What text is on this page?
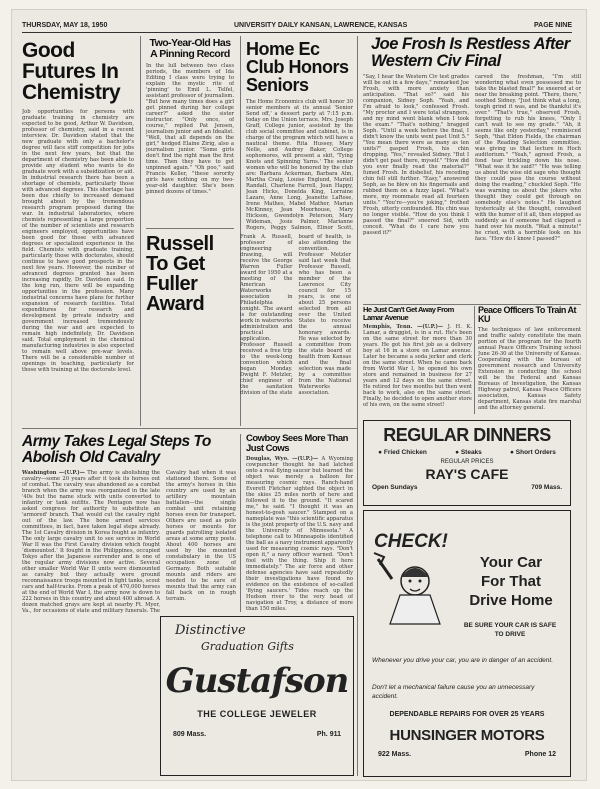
THURSDAY, MAY 18, 1950	UNIVERSITY DAILY KANSAN, LAWRENCE, KANSAS	PAGE NINE
Good Futures In Chemistry
Job opportunities for persons with graduate training in chemistry are expected to be good, Arthur W. Davidson, professor of chemistry, said in a recent interview. Dr. Davidson stated that the new graduate with only a bachelor's degree will face stiff competition for jobs in the next few years, but that the department of chemistry has been able to provide any student who wants to do graduate work with a subsidization or aid. In industrial research there has been a shortage of chemists, particularly those with advanced degrees. This shortage has been due chiefly to increased demand brought about by the tremendous research program proposed during the war. In industrial laboratories, where chemists representing a large proportion of the number of scientists and research engineers employed, opportunities have been good for those with advanced degrees or specialized experience in the field. Chemists with graduate training, particularly those with doctorates, should continue to have good prospects in the next few years. However, the number of advanced degrees granted has been increasing rapidly, Dr. Davidson said. In the long run, there will be expanding opportunities in the profession. Many industrial concerns have plans for further expansion of research facilities. Total expenditures for research and development by private industry and government increased tremendously during the war and are expected to remain high indefinitely, Dr. Davidson said. Total employment in the chemical manufacturing industries is also expected to remain well above pre-war levels. There will be a considerable number of openings in teaching, particularly for those with training at the doctorate level.
Two-Year-Old Has A Pinning Record
In the lull between two class periods, the members of Ida Editing I class were trying to explain the mystic rite of 'pinning' to Emil L. Telfel, assistant professor of journalism. "But how many times does a girl get pinned during her college career?" asked the sister instructor. "Only once, of course," replied Pat Jensen, journalism junior and an Idealist. "Well, that all depends on the girl," hedged Elaine Zirig, also a journalism junior. "Some girls don't find the right man the first time. Then they have to get unpinned again." "Oh poo," said Francis Keller, "these sorority girls have nothing on my two-year-old daughter. She's been pinned dozens of times."
Russell To Get Fuller Award
Frank A. Russell, professor of engineering drawing, will receive the George Warren Fuller award for 1950 at a meeting of the American Waterworks association in Philadelphia tonight. The award is for outstanding work in waterworks administration and practical application. Professor Russell received a free trip to the week-long convention which began Monday. Dwight F. Metzler, chief engineer of the sanitation division of the state board of health, is also attending the convention. Professor Metzler said last week that Professor Russell, who has been a member of the Lawrence City council for 15 years, is one of about 25 persons selected from all over the United States to receive the annual honorary awards. He was selected by a committee from the state board of health from Kansas and the final selection was made by a committee from the National Waterworks association.
Home Ec Club Honors Seniors
The Home Economics club will honor 30 senior members at its annual 'Senior Send off,' a dessert party at 7:15 p.m. today on the Union terrace. Mrs. Joseph Graff, College junior, assisted by the club social committee and cabinet, is in charge of the program which will have a nautical theme. Rita Hussey, Mary Nelle, and Audrey Baker, College sophomores, will present a skit, 'Tying Knots and Spinning Yarns.' The senior women who will be honored by the club are: Barbara Ackerman, Barbara Alm, Martha Craig, Louise Englund, Mariell Randall, Charlene Farrell, Joan Happy, Jean Hicks, Donelda King, Lorraine Lazare, Anne Long, Jeanette LaRose, Irene Mathes, Mabel Mather, Marian McKinney, Jean Moorhouse, Mary Hickson, Gwendolyn Peterson, Mary Wideman, Josie Palmer, Marianne Rogers, Peggy Salmon, Elinor Scott,
Joe Frosh Is Restless After Western Civ Final
"Say, I hear the Western Civ test grades will be out in a few days," remarked Joe Frosh, with more anxiety than anticipation. "That so?" said his companion, Sidney Soph. "Yeah, and I'm afraid to look," confessed Frosh. "My proctor and I were total strangers, and my mind went blank when I took the exam." "That's nothing," bragged Soph. "Until a week before the final, I didn't know the units went past Unit 5." "You mean there were as many as ten units?" gasped Frosh, his chin dropping. "Yes," revealed Sidney. "But I didn't get past there, myself." "How did you ever finally read the material?" fumed Frosh. In disbelief, his receding chin fell still further. "Easy," answered Soph, as he blew on his fingernails and rubbed them on a fuzzy lapel. "What's more, my roommate read all fourteen units." "You're—you're joking," frothed Frosh, utterly confounded. His chin was no longer visible. "How do you think I passed the final?" sneered Sid, with conceit. "What do I care how you passed it?"
carved the freshman, "I'm still wondering what even possessed me to take the blasted final!" he sneered at or near the breaking point. "There, there," soothed Sidney. "Just think what a long, tough grind it was, and be thankful it's over." "That's true," observed Frosh, forgetting to rub his knees, "Only I can't wait to see my grade." "Ah, it seems like only yesterday," reminisced Soph, "that Eldon Fields, the chairman of the Reading Selection committee, was giving us that lecture in Hoch auditorium." "Yeah," agreed Frosh, a fond tear trickling down his nose. "What was it he said?" "He was telling us about the wise old sage who thought they could pass the course without doing the reading," chuckled Soph. "He was warning us about the jokers who thought they could get through on somebody else's notes." He laughed hysterically at the thought, convulsed with the humor of it all, then stopped as suddenly as if someone had clapped a hand over his mouth. "Wait a minute!" he cried, with a horrible look on his face. "How do I know I passed?"
He Just Can't Get Away From Lamar Avenue
Memphis, Tenn. —(U.P.)— J. H. K. Lamar, a druggist, is in a rut. He's been on the same street for more than 30 years. He got his first job as a delivery boy at 16 in a store on Lamar avenue. Later he became a soda jerker and clerk on the same street. When he came back from World War I, he opened his own store and remained in business for 27 years and 12 days on the same street. He retired for two months but then went back to work, also on the same street. Finally, he decided to open another store of his own, on the same street!
Peace Officers To Train At KU
The techniques of law enforcement and traffic safety constitute the main portion of the program for the fourth annual Peace Officers Training school June 26-30 at the University of Kansas. Cooperating with the bureau of government research and University Extension in conducting the school will be the Federal and Kansas Bureaus of Investigation, the Kansas Highway patrol, Kansas Peace Officers association, Kansas Safety department, Kansas state fire marshal and the attorney general.
REGULAR DINNERS
● Fried Chicken	● Steaks	● Short Orders
REGULAR PRICES
RAY'S CAFE
Open Sundays	709 Mass.
CHECK!
Your Car
For That
Drive Home
BE SURE YOUR CAR IS SAFE TO DRIVE
Whenever you drive your car, you are in danger of an accident.
Don't let a mechanical failure cause you an unnecessary accident.
DEPENDABLE REPAIRS FOR OVER 25 YEARS
HUNSINGER MOTORS
922 Mass.	Phone 12
Army Takes Legal Steps To Abolish Old Cavalry
Washington —(U.P.)— The army is abolishing the cavalry—some 20 years after it took its horses out of combat. The cavalry was abandoned as a combat branch when the army was reorganized in the late '40s but the name stuck with units converted to infantry or tank outfits. The Pentagon now has asked congress for authority to substitute an 'armored' branch. That would cut the cavalry right out of the law. The bone armed services committees, in fact, have taken legal steps already. The 1st Cavalry division in Korea fought as infantry. The only large cavalry unit to see service in World War II was the First Cavalry division which fought ‘dismounted.’ It fought in the Philippines, occupied Tokyo after the Japanese surrender and is one of the regular army divisions now active. Several other smaller World War II units were dismounted as cavalry but they actually were ground reconnaissance troops mounted in light tanks, scout cars and half-tracks. From a peak of 470,000 horses at the end of World War I, the army now is down to 222 horses in this country and about 400 abroad. A dozen matched grays are kept at nearby Ft. Myer, Va., for occasions of state and military funerals. The
Cavalry had when it was stationed there. Some of the army's horses in this country are used by an artillery mountain battalion—the single combat unit retaining horses even for transport. Others are used as polo horses or mounts for guards patrolling isolated areas at some army posts. About 400 horses are used by the mounted constabulary in the US occupation zone of Germany. Both suitable mounts and riders are needed to be sure of mounts that the army can fall back on in rough terrain.
Cowboy Sees More Than Just Cows
Douglas, Wyo. —(U.P.)— A Wyoming cowpuncher thought he had latched onto a real flying saucer but learned the object was merely a balloon for measuring cosmic rays. Ranch-hand Everett Fletcher sighted the object in the skies 25 miles north of here and followed it to the ground. "It scared me," he said. "I thought it was an honest-to-gosh saucer." Stamped on a nameplate was "this scientific apparatus is the joint property of the U.S. navy and the University of Minnesota." A telephone call to Minneapolis identified the ball as a navy instrument apparently used for measuring cosmic rays. "Don't open it," a navy officer warned. "Don't fool with the thing. Ship it here immediately." The air force and other defense agencies have said repeatedly their investigations have found no evidence on the existence of so-called 'flying saucers.' Tides reach up the Hudson river to the very head of navigation at Troy, a distance of more than 150 miles.
Distinctive
Graduation Gifts
Gustafson
THE COLLEGE JEWELER
809 Mass.	Ph. 911
